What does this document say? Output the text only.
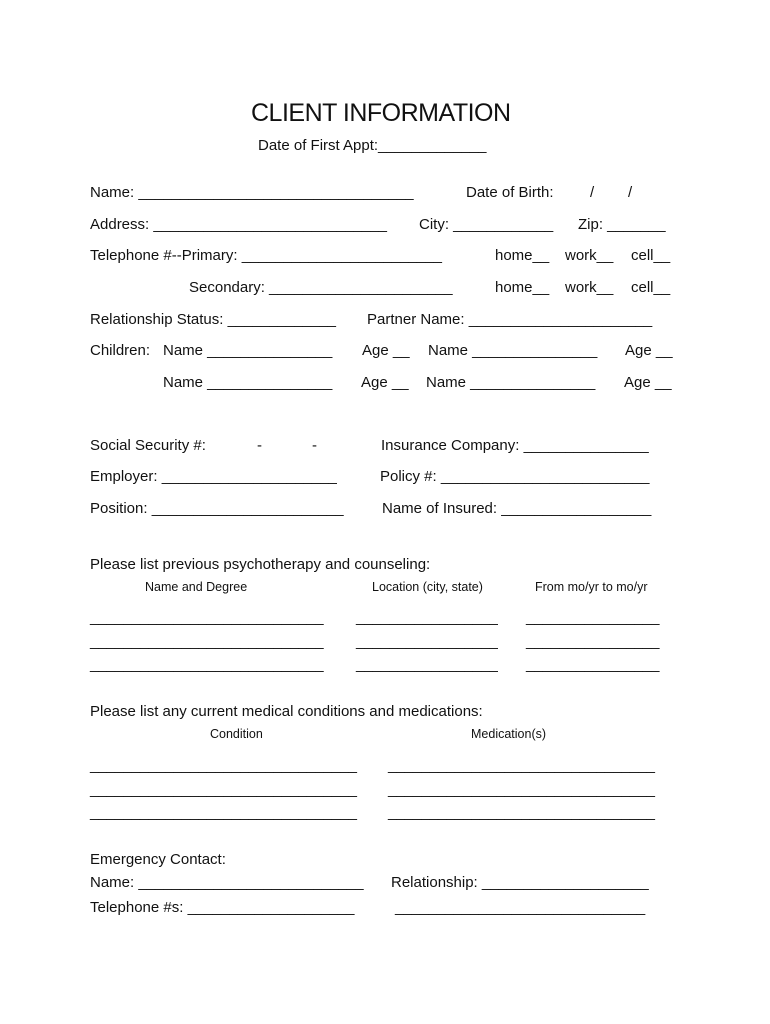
CLIENT INFORMATION
Date of First Appt:_____________
Name: _________________________________	Date of Birth: / /
Address: ____________________________ City: ____________ Zip: _______
Telephone #--Primary: ________________________	home__ work__ cell__
Secondary: ______________________	home__ work__ cell__
Relationship Status: _____________ Partner Name: ______________________
Children: Name _______________ Age __ Name _______________ Age __
Name _______________ Age __ Name _______________ Age __
Social Security #:	-	-	Insurance Company: _______________
Employer: _____________________	Policy #: _________________________
Position: _______________________	Name of Insured: __________________
Please list previous psychotherapy and counseling:
Name and Degree	Location (city, state)	From mo/yr to mo/yr
____________________________ _________________ ________________
____________________________ _________________ ________________
____________________________ _________________ ________________
Please list any current medical conditions and medications:
Condition	Medication(s)
________________________________ ________________________________
________________________________ ________________________________
________________________________ ________________________________
Emergency Contact:
Name: ___________________________ Relationship: ____________________
Telephone #s: ____________________	______________________________
